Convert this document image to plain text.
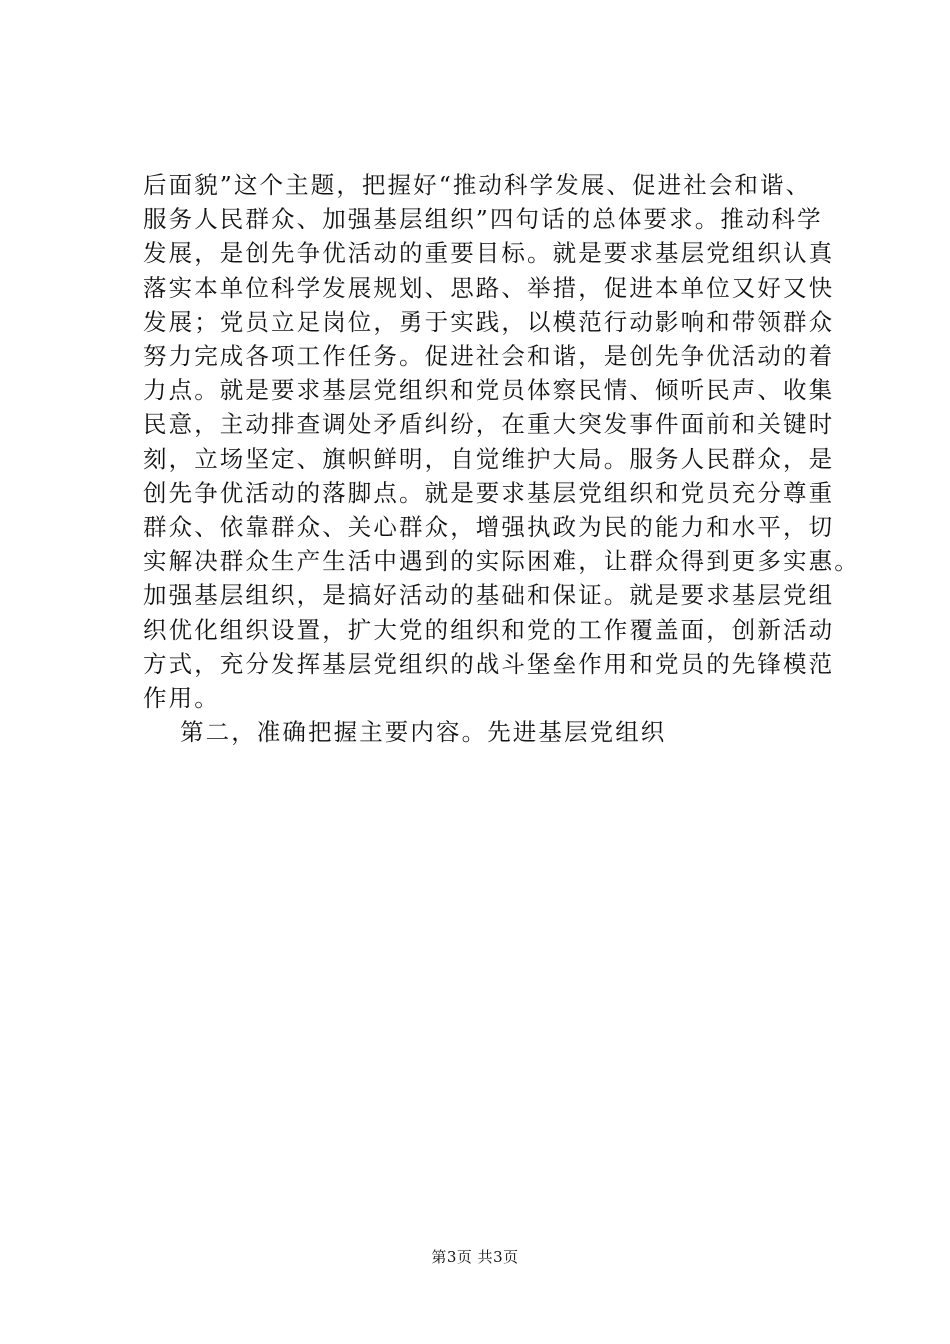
后面貌”这个主题，把握好“推动科学发展、促进社会和谐、
服务人民群众、加强基层组织”四句话的总体要求。推动科学
发展，是创先争优活动的重要目标。就是要求基层党组织认真
落实本单位科学发展规划、思路、举措，促进本单位又好又快
发展；党员立足岗位，勇于实践，以模范行动影响和带领群众
努力完成各项工作任务。促进社会和谐，是创先争优活动的着
力点。就是要求基层党组织和党员体察民情、倾听民声、收集
民意，主动排查调处矛盾纠纷，在重大突发事件面前和关键时
刻，立场坚定、旗帜鲜明，自觉维护大局。服务人民群众，是
创先争优活动的落脚点。就是要求基层党组织和党员充分尊重
群众、依靠群众、关心群众，增强执政为民的能力和水平，切
实解决群众生产生活中遇到的实际困难，让群众得到更多实惠。
加强基层组织，是搞好活动的基础和保证。就是要求基层党组
织优化组织设置，扩大党的组织和党的工作覆盖面，创新活动
方式，充分发挥基层党组织的战斗堡垒作用和党员的先锋模范
作用。
第二，准确把握主要内容。先进基层党组织
第3页 共3页
